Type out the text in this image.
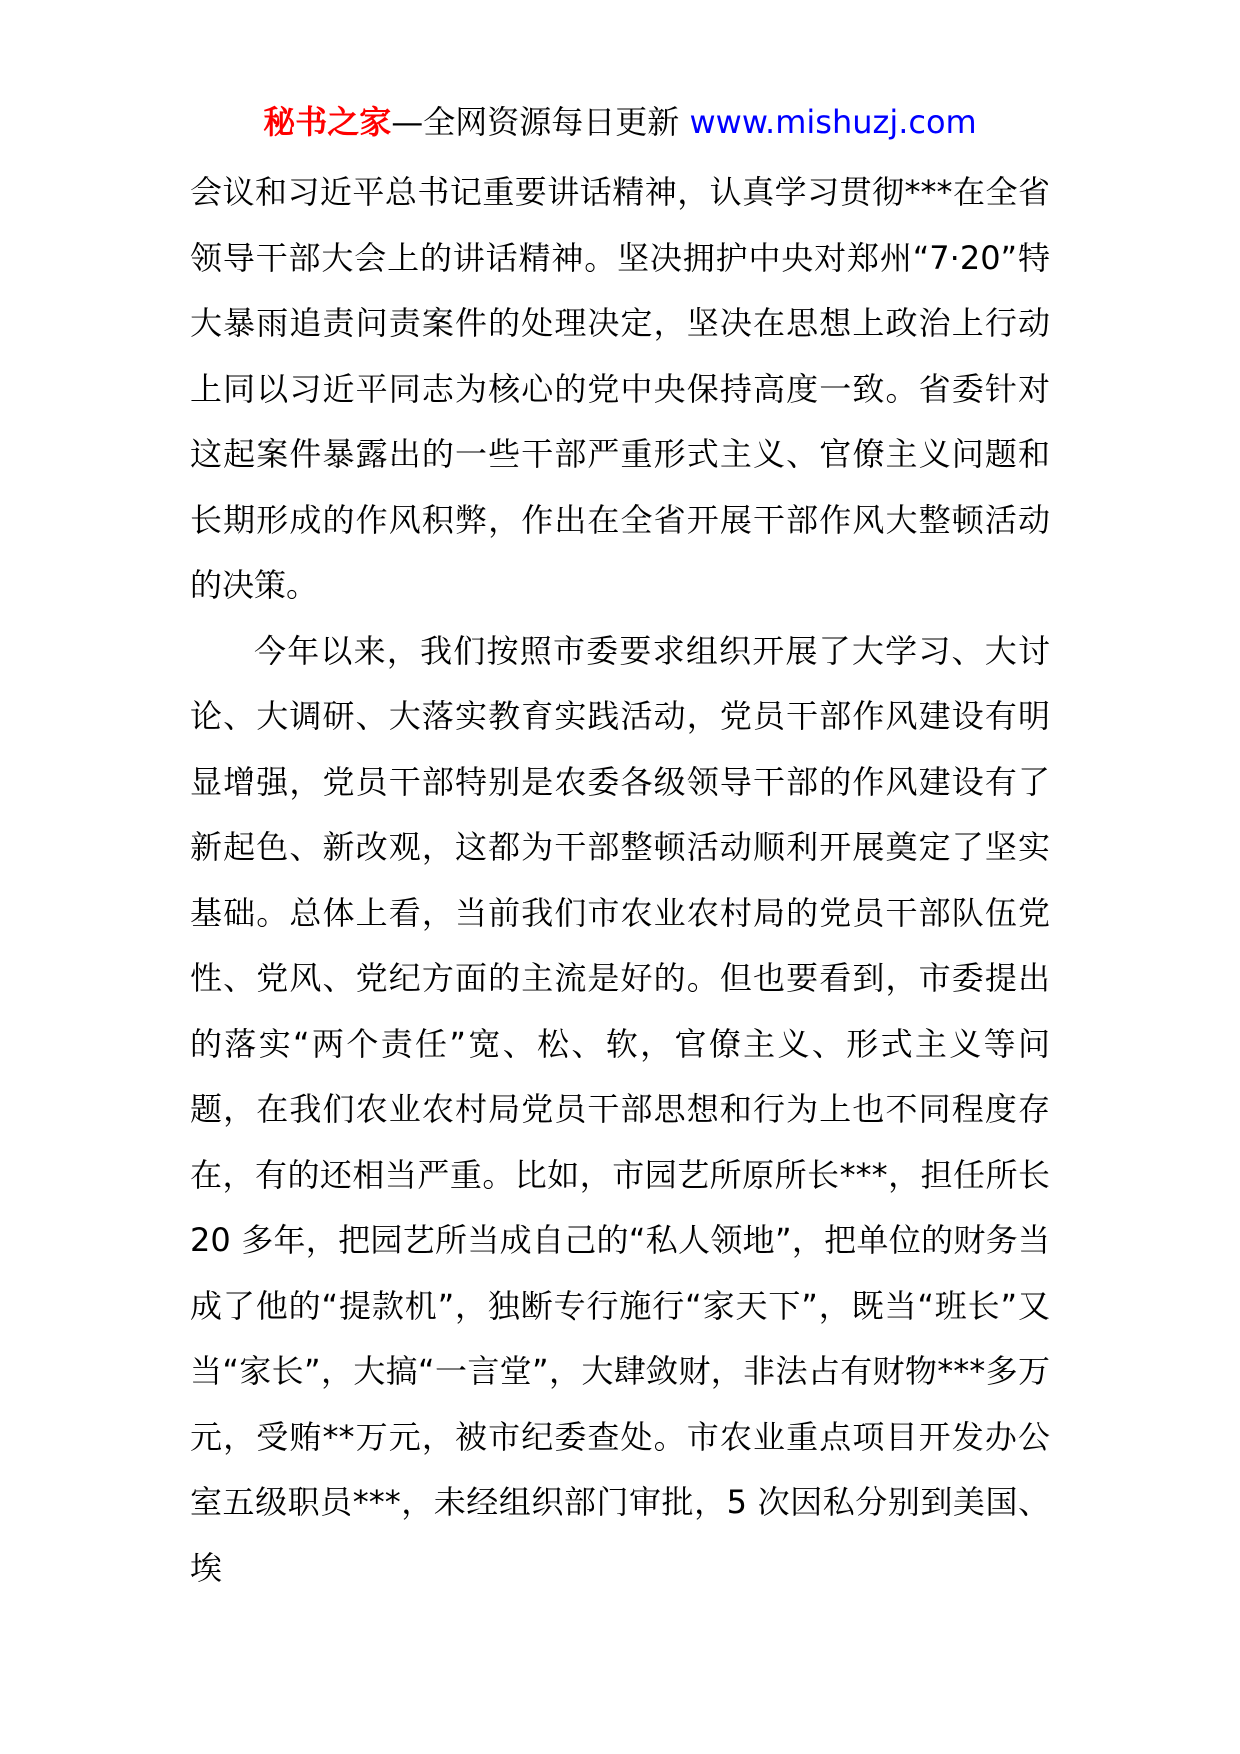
秘书之家—全网资源每日更新 www.mishuzj.com

会议和习近平总书记重要讲话精神，认真学习贯彻***在全省领导干部大会上的讲话精神。坚决拥护中央对郑州“7·20”特大暴雨追责问责案件的处理决定，坚决在思想上政治上行动上同以习近平同志为核心的党中央保持高度一致。省委针对这起案件暴露出的一些干部严重形式主义、官僚主义问题和长期形成的作风积弊，作出在全省开展干部作风大整顿活动的决策。

今年以来，我们按照市委要求组织开展了大学习、大讨论、大调研、大落实教育实践活动，党员干部作风建设有明显增强，党员干部特别是农委各级领导干部的作风建设有了新起色、新改观，这都为干部整顿活动顺利开展奠定了坚实基础。总体上看，当前我们市农业农村局的党员干部队伍党性、党风、党纪方面的主流是好的。但也要看到，市委提出的落实“两个责任”宽、松、软，官僚主义、形式主义等问题，在我们农业农村局党员干部思想和行为上也不同程度存在，有的还相当严重。比如，市园艺所原所长***，担任所长 20 多年，把园艺所当成自己的“私人领地”，把单位的财务当成了他的“提款机”，独断专行施行“家天下”，既当“班长”又当“家长”，大搞“一言堂”，大肆敛财，非法占有财物***多万元，受贿**万元，被市纪委查处。市农业重点项目开发办公室五级职员***，未经组织部门审批，5 次因私分别到美国、埃
